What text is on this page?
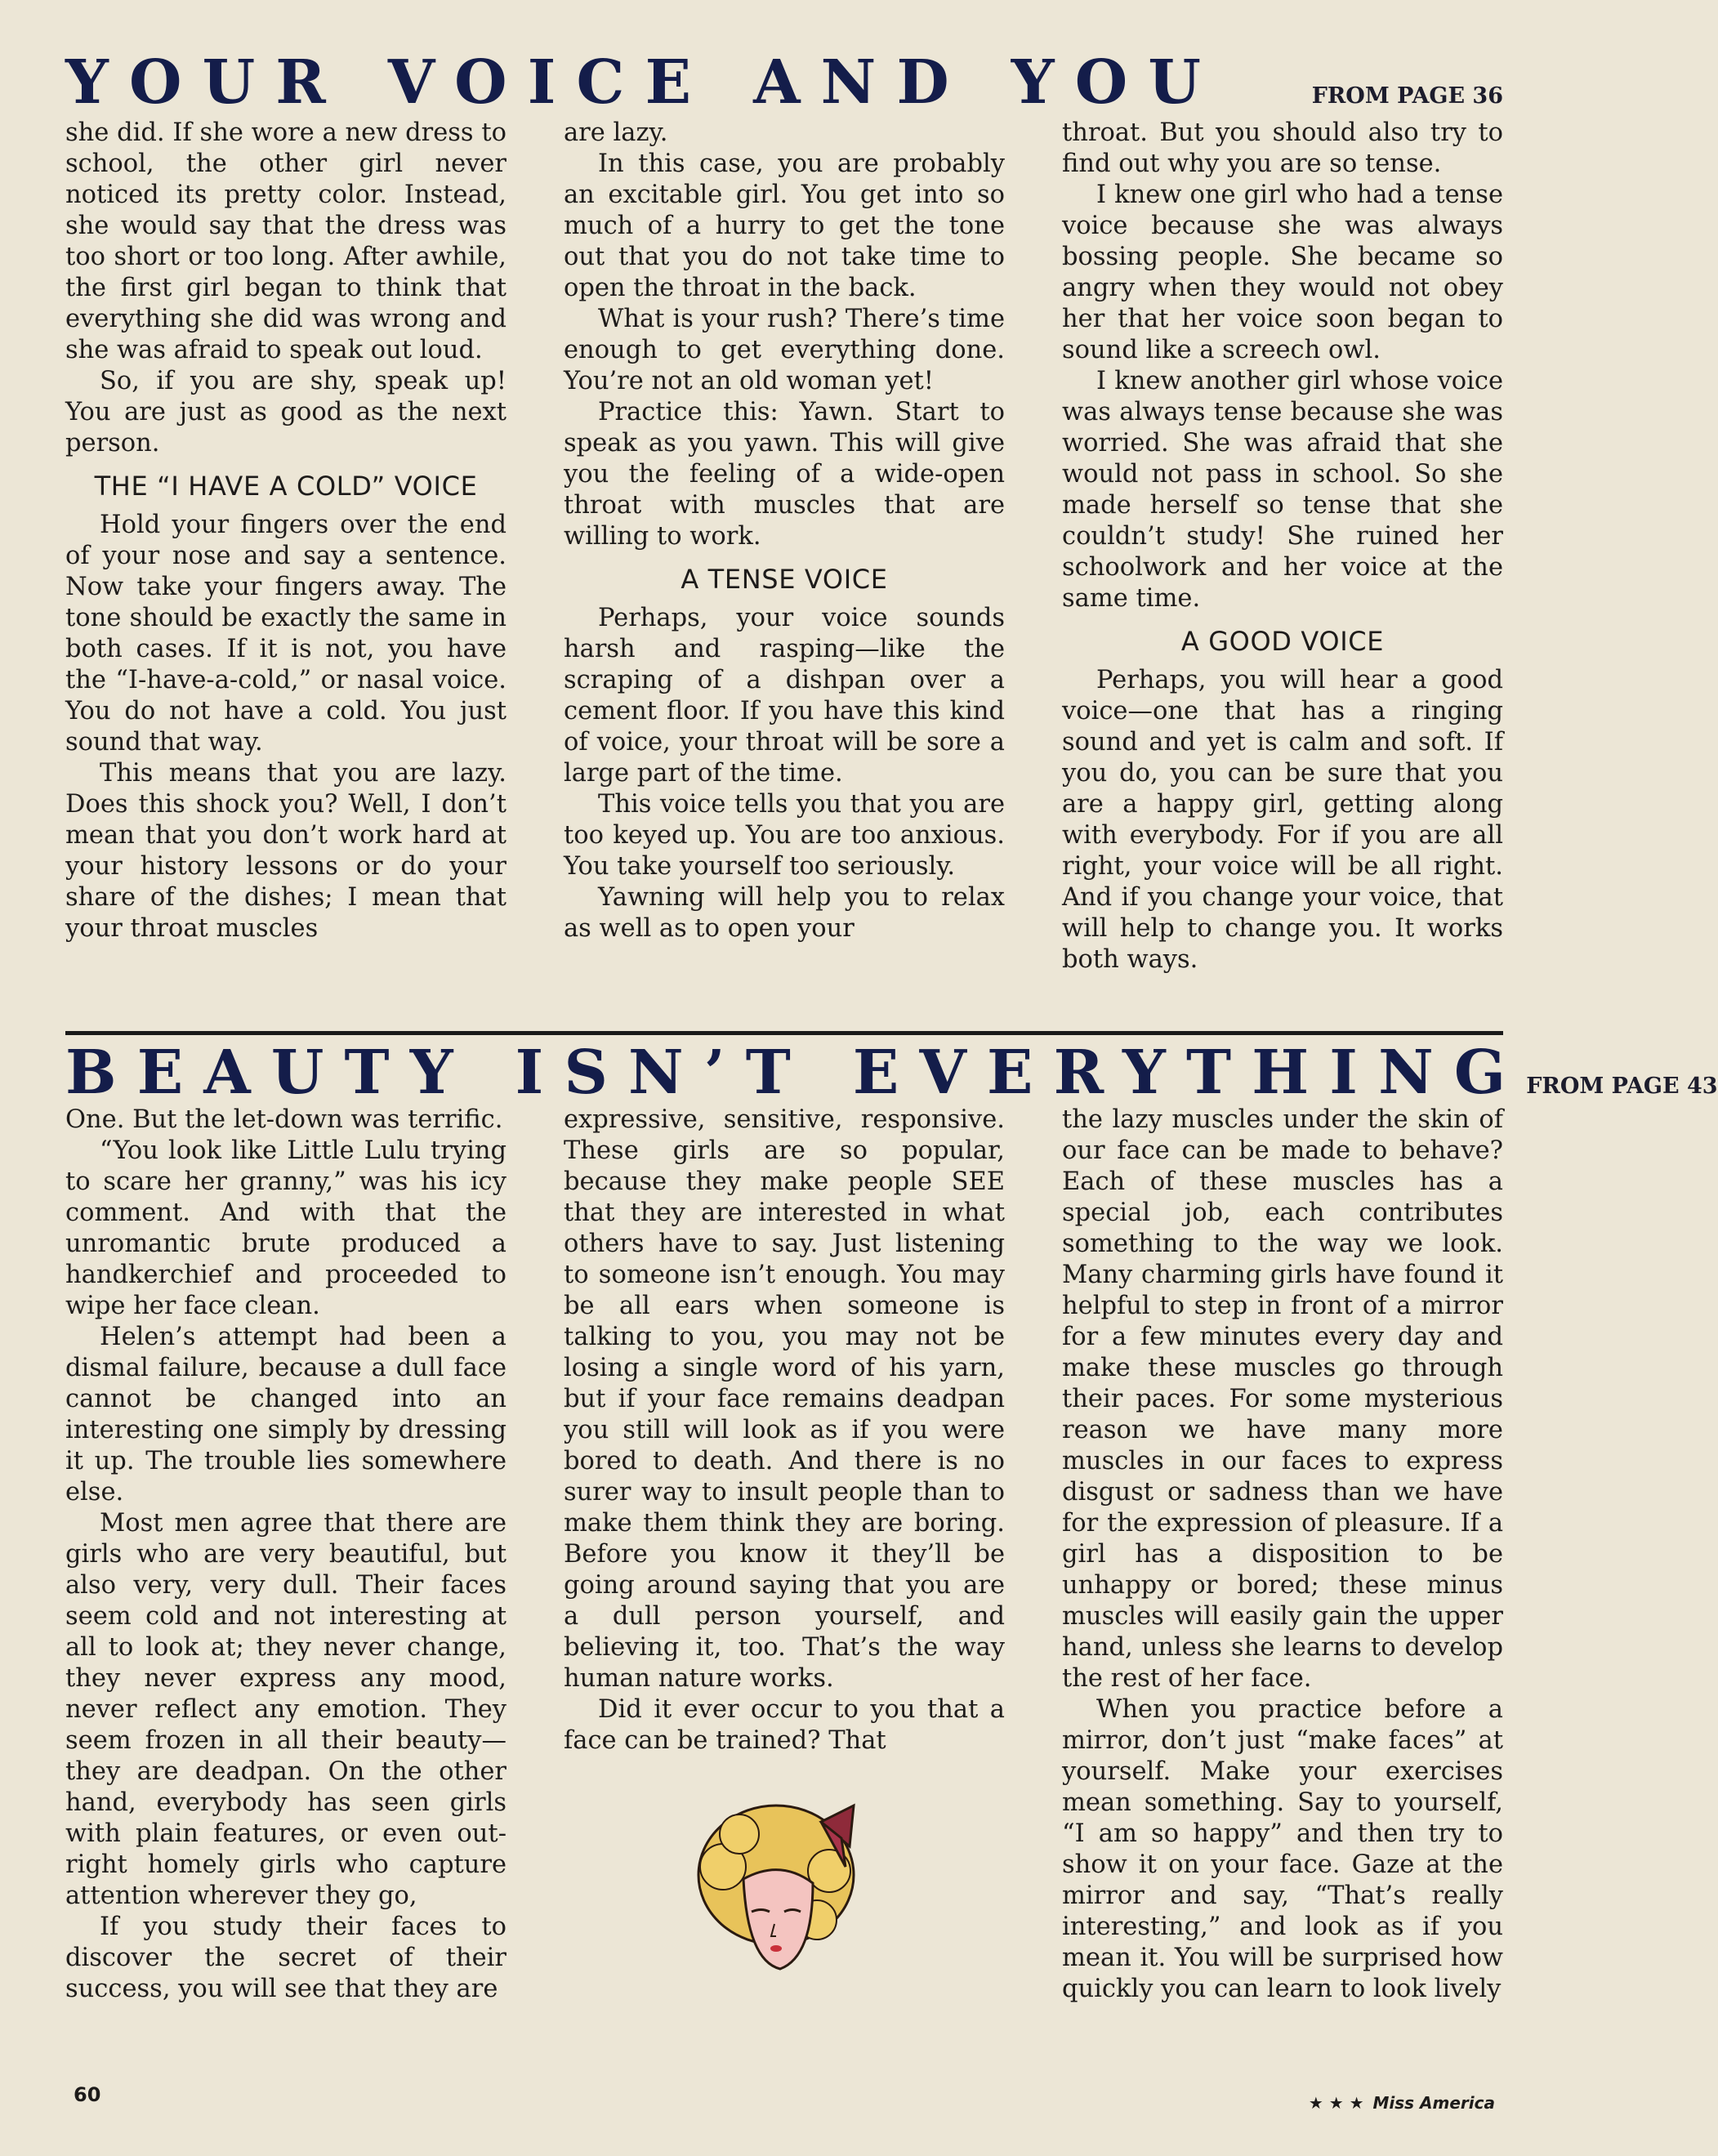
YOUR VOICE AND YOU	FROM PAGE 36

she did. If she wore a new dress to school, the other girl never noticed its pretty color. Instead, she would say that the dress was too short or too long. After awhile, the first girl began to think that everything she did was wrong and she was afraid to speak out loud.

So, if you are shy, speak up! You are just as good as the next person.

THE “I HAVE A COLD” VOICE

Hold your fingers over the end of your nose and say a sentence. Now take your fingers away. The tone should be exactly the same in both cases. If it is not, you have the “I-have-a-cold,” or nasal voice. You do not have a cold. You just sound that way.

This means that you are lazy. Does this shock you? Well, I don’t mean that you don’t work hard at your history lessons or do your share of the dishes; I mean that your throat muscles

are lazy.

In this case, you are probably an excitable girl. You get into so much of a hurry to get the tone out that you do not take time to open the throat in the back.

What is your rush? There’s time enough to get everything done. You’re not an old woman yet!

Practice this: Yawn. Start to speak as you yawn. This will give you the feeling of a wide-open throat with muscles that are willing to work.

A TENSE VOICE

Perhaps, your voice sounds harsh and rasping—like the scraping of a dishpan over a cement floor. If you have this kind of voice, your throat will be sore a large part of the time.

This voice tells you that you are too keyed up. You are too anxious. You take yourself too seriously.

Yawning will help you to relax as well as to open your

throat. But you should also try to find out why you are so tense.

I knew one girl who had a tense voice because she was always bossing people. She became so angry when they would not obey her that her voice soon began to sound like a screech owl.

I knew another girl whose voice was always tense because she was worried. She was afraid that she would not pass in school. So she made herself so tense that she couldn’t study! She ruined her schoolwork and her voice at the same time.

A GOOD VOICE

Perhaps, you will hear a good voice—one that has a ringing sound and yet is calm and soft. If you do, you can be sure that you are a happy girl, getting along with everybody. For if you are all right, your voice will be all right. And if you change your voice, that will help to change you. It works both ways.

BEAUTY ISN’T EVERYTHING FROM PAGE 43

One. But the let-down was terrific.

“You look like Little Lulu trying to scare her granny,” was his icy comment. And with that the unromantic brute produced a handkerchief and proceeded to wipe her face clean.

Helen’s attempt had been a dismal failure, because a dull face cannot be changed into an interesting one simply by dressing it up. The trouble lies somewhere else.

Most men agree that there are girls who are very beautiful, but also very, very dull. Their faces seem cold and not interesting at all to look at; they never change, they never express any mood, never reflect any emotion. They seem frozen in all their beauty—they are deadpan. On the other hand, everybody has seen girls with plain features, or even out-right homely girls who capture attention wherever they go,

If you study their faces to discover the secret of their success, you will see that they are

expressive, sensitive, responsive. These girls are so popular, because they make people SEE that they are interested in what others have to say. Just listening to someone isn’t enough. You may be all ears when someone is talking to you, you may not be losing a single word of his yarn, but if your face remains deadpan you still will look as if you were bored to death. And there is no surer way to insult people than to make them think they are boring. Before you know it they’ll be going around saying that you are a dull person yourself, and believing it, too. That’s the way human nature works.

Did it ever occur to you that a face can be trained? That

the lazy muscles under the skin of our face can be made to behave? Each of these muscles has a special job, each contributes something to the way we look. Many charming girls have found it helpful to step in front of a mirror for a few minutes every day and make these muscles go through their paces. For some mysterious reason we have many more muscles in our faces to express disgust or sadness than we have for the expression of pleasure. If a girl has a disposition to be unhappy or bored; these minus muscles will easily gain the upper hand, unless she learns to develop the rest of her face.

When you practice before a mirror, don’t just “make faces” at yourself. Make your exercises mean something. Say to yourself, “I am so happy” and then try to show it on your face. Gaze at the mirror and say, “That’s really interesting,” and look as if you mean it. You will be surprised how quickly you can learn to look lively

60	★ ★ ★ Miss America
